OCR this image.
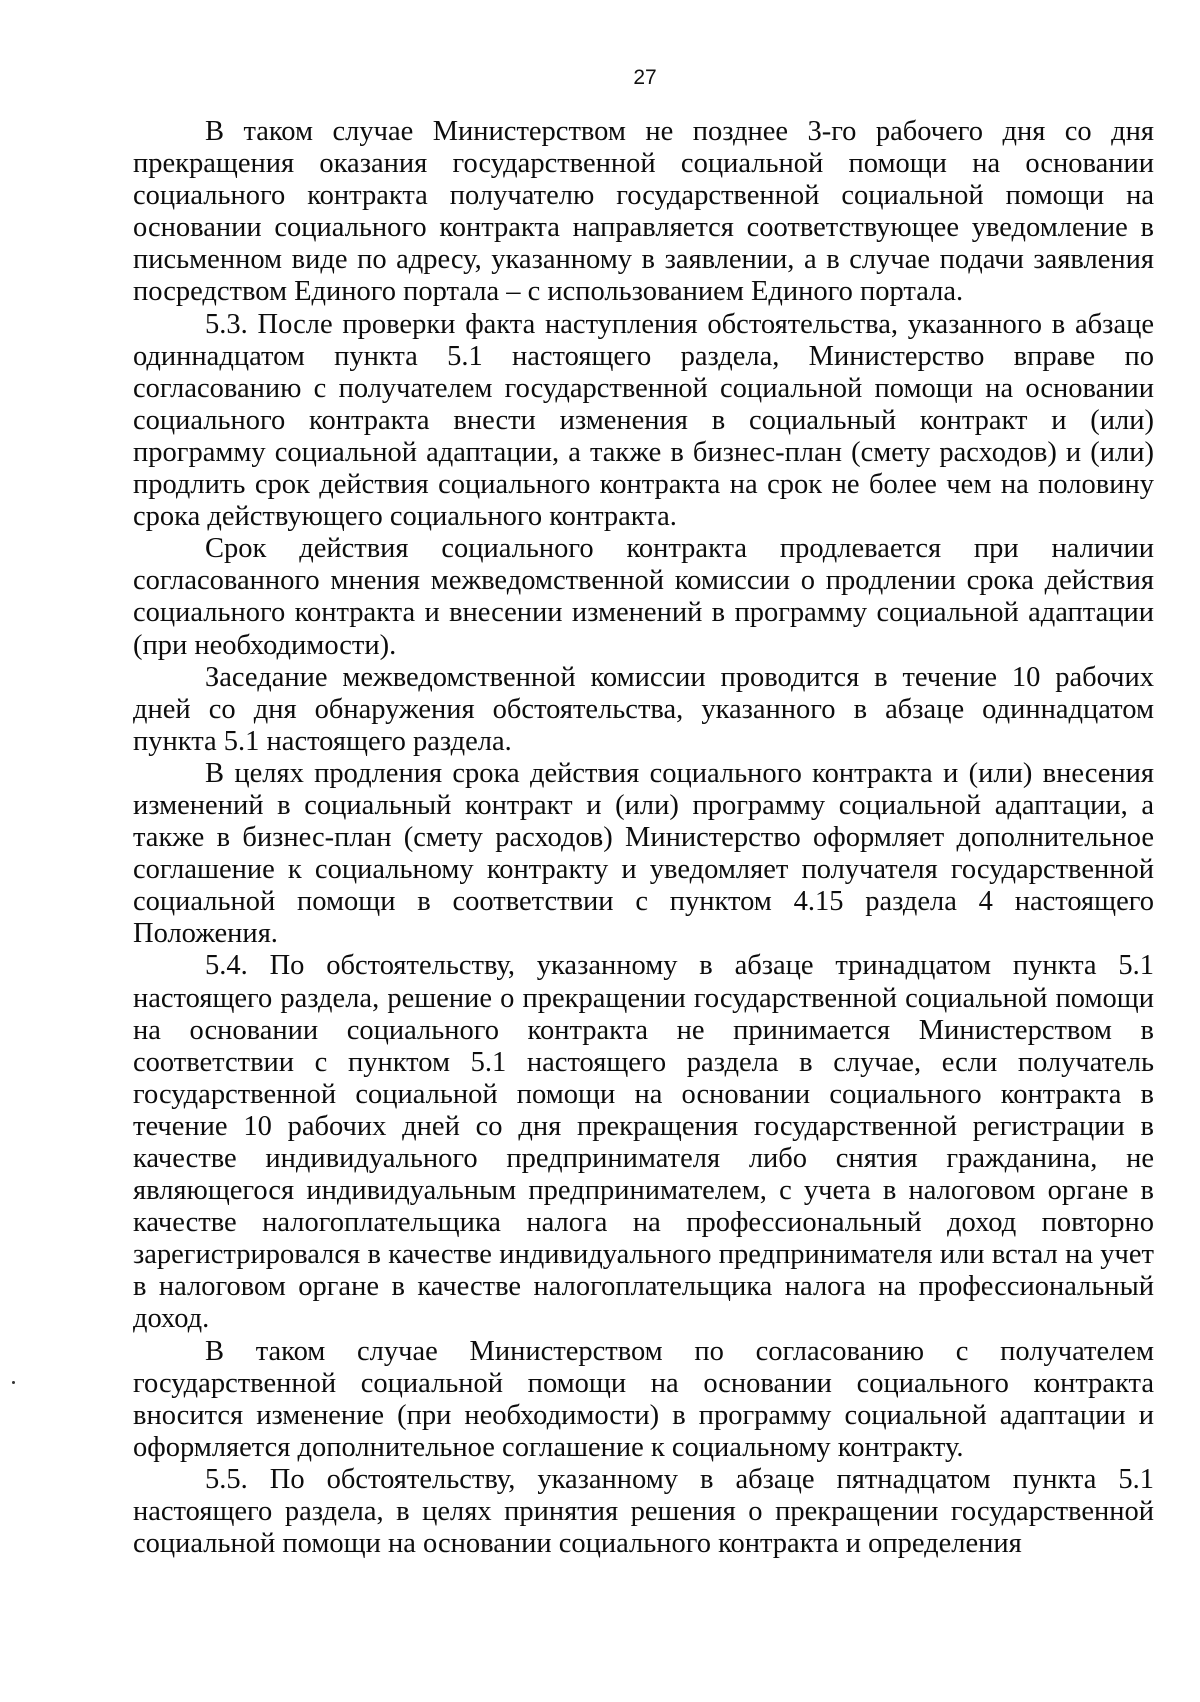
27

В таком случае Министерством не позднее 3-го рабочего дня со дня прекращения оказания государственной социальной помощи на основании социального контракта получателю государственной социальной помощи на основании социального контракта направляется соответствующее уведомление в письменном виде по адресу, указанному в заявлении, а в случае подачи заявления посредством Единого портала – с использованием Единого портала.

5.3. После проверки факта наступления обстоятельства, указанного в абзаце одиннадцатом пункта 5.1 настоящего раздела, Министерство вправе по согласованию с получателем государственной социальной помощи на основании социального контракта внести изменения в социальный контракт и (или) программу социальной адаптации, а также в бизнес-план (смету расходов) и (или) продлить срок действия социального контракта на срок не более чем на половину срока действующего социального контракта.

Срок действия социального контракта продлевается при наличии согласованного мнения межведомственной комиссии о продлении срока действия социального контракта и внесении изменений в программу социальной адаптации (при необходимости).

Заседание межведомственной комиссии проводится в течение 10 рабочих дней со дня обнаружения обстоятельства, указанного в абзаце одиннадцатом пункта 5.1 настоящего раздела.

В целях продления срока действия социального контракта и (или) внесения изменений в социальный контракт и (или) программу социальной адаптации, а также в бизнес-план (смету расходов) Министерство оформляет дополнительное соглашение к социальному контракту и уведомляет получателя государственной социальной помощи в соответствии с пунктом 4.15 раздела 4 настоящего Положения.

5.4. По обстоятельству, указанному в абзаце тринадцатом пункта 5.1 настоящего раздела, решение о прекращении государственной социальной помощи на основании социального контракта не принимается Министерством в соответствии с пунктом 5.1 настоящего раздела в случае, если получатель государственной социальной помощи на основании социального контракта в течение 10 рабочих дней со дня прекращения государственной регистрации в качестве индивидуального предпринимателя либо снятия гражданина, не являющегося индивидуальным предпринимателем, с учета в налоговом органе в качестве налогоплательщика налога на профессиональный доход повторно зарегистрировался в качестве индивидуального предпринимателя или встал на учет в налоговом органе в качестве налогоплательщика налога на профессиональный доход.

В таком случае Министерством по согласованию с получателем государственной социальной помощи на основании социального контракта вносится изменение (при необходимости) в программу социальной адаптации и оформляется дополнительное соглашение к социальному контракту.

5.5. По обстоятельству, указанному в абзаце пятнадцатом пункта 5.1 настоящего раздела, в целях принятия решения о прекращении государственной социальной помощи на основании социального контракта и определения
